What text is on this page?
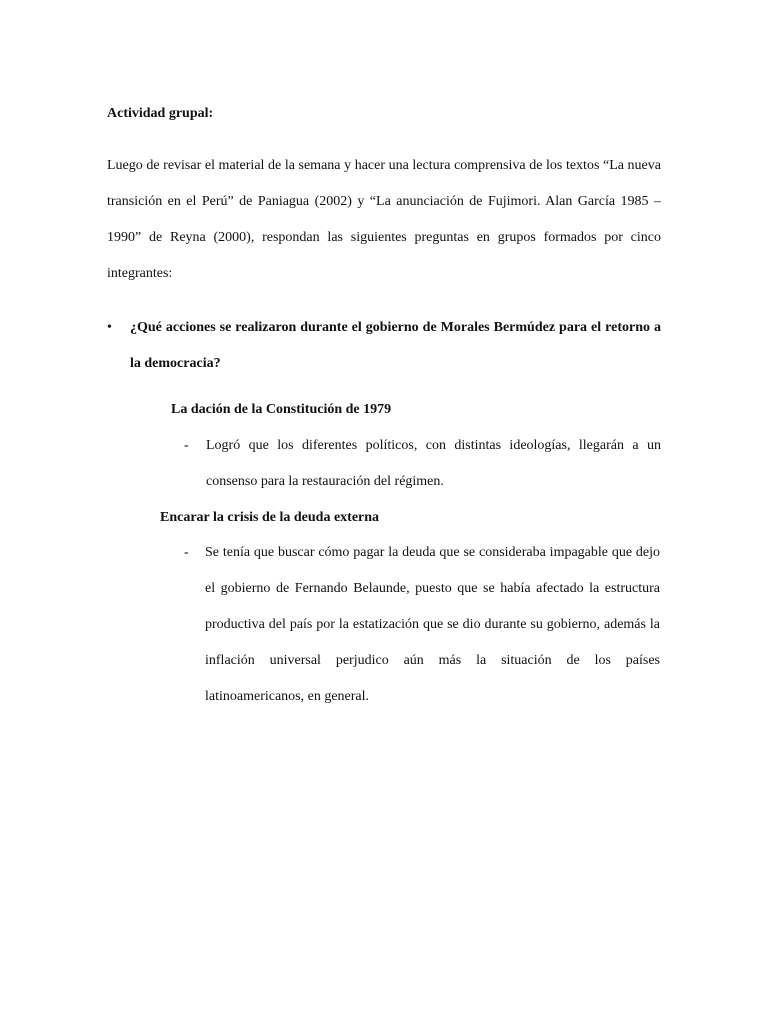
Actividad grupal:

Luego de revisar el material de la semana y hacer una lectura comprensiva de los textos “La nueva transición en el Perú” de Paniagua (2002) y “La anunciación de Fujimori. Alan García 1985 – 1990” de Reyna (2000), respondan las siguientes preguntas en grupos formados por cinco integrantes:

•	¿Qué acciones se realizaron durante el gobierno de Morales Bermúdez para el retorno a la democracia?

La dación de la Constitución de 1979

- Logró que los diferentes políticos, con distintas ideologías, llegarán a un consenso para la restauración del régimen.

Encarar la crisis de la deuda externa

- Se tenía que buscar cómo pagar la deuda que se consideraba impagable que dejo el gobierno de Fernando Belaunde, puesto que se había afectado la estructura productiva del país por la estatización que se dio durante su gobierno, además la inflación universal perjudico aún más la situación de los países latinoamericanos, en general.
